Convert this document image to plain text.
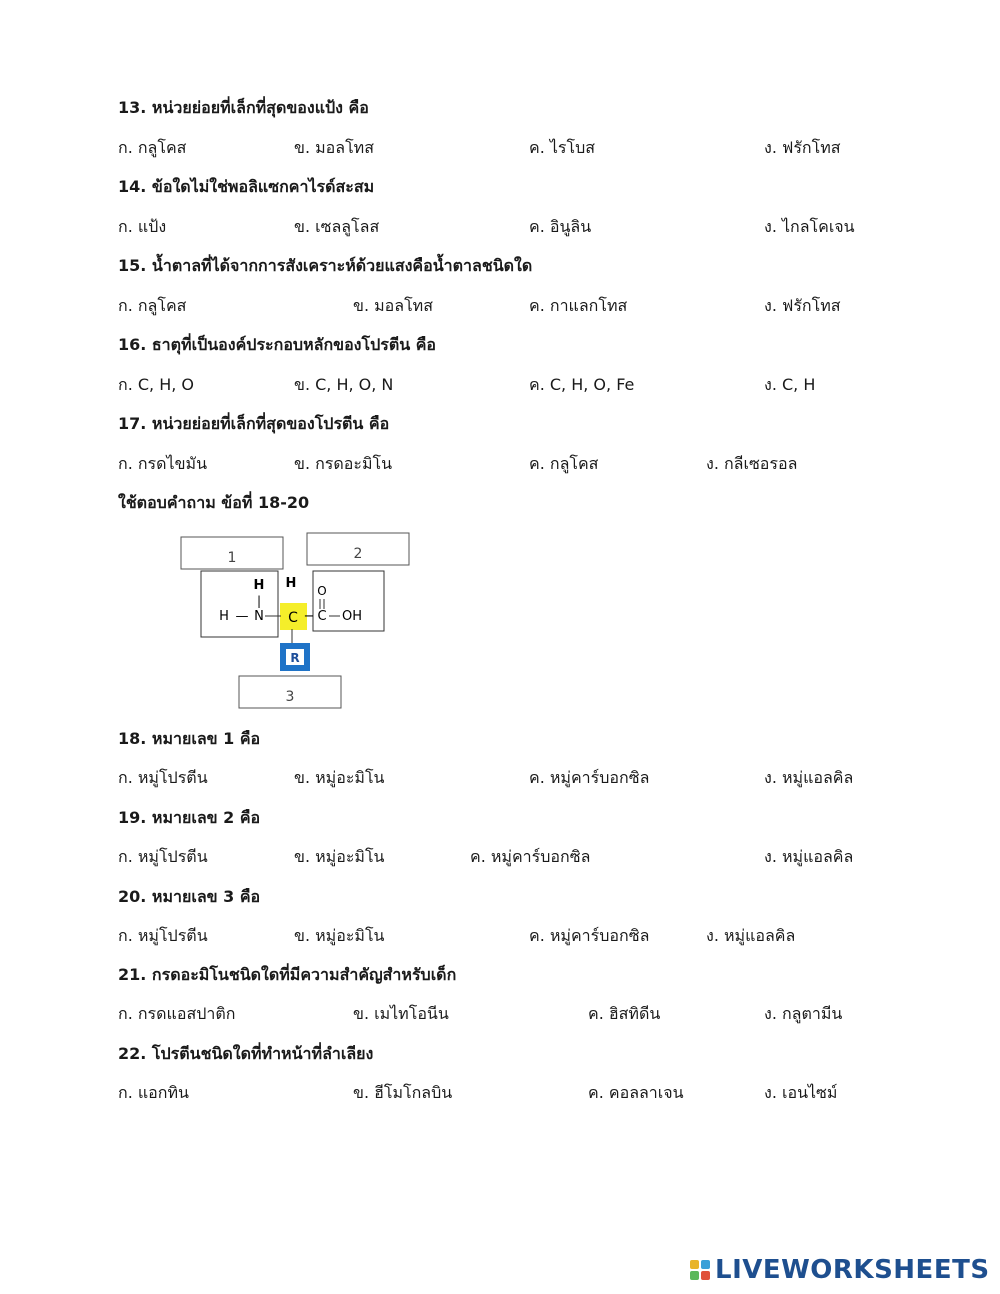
13. หน่วยย่อยที่เล็กที่สุดของแป้ง คือ
ก. กลูโคส	ข. มอลโทส	ค. ไรโบส	ง. ฟรักโทส
14. ข้อใดไม่ใช่พอลิแซกคาไรด์สะสม
ก. แป้ง	ข. เซลลูโลส	ค. อินูลิน	ง. ไกลโคเจน
15. น้ำตาลที่ได้จากการสังเคราะห์ด้วยแสงคือน้ำตาลชนิดใด
ก. กลูโคส	ข. มอลโทส	ค. กาแลกโทส	ง. ฟรักโทส
16. ธาตุที่เป็นองค์ประกอบหลักของโปรตีน คือ
ก. C, H, O	ข. C, H, O, N	ค. C, H, O, Fe	ง. C, H
17. หน่วยย่อยที่เล็กที่สุดของโปรตีน คือ
ก. กรดไขมัน	ข. กรดอะมิโน	ค. กลูโคส	ง. กลีเซอรอล
ใช้ตอบคำถาม ข้อที่ 18-20
1	2
H
|
H — N
H
C
O
− C OH
R
3
18. หมายเลข 1 คือ
ก. หมู่โปรตีน	ข. หมู่อะมิโน	ค. หมู่คาร์บอกซิล	ง. หมู่แอลคิล
19. หมายเลข 2 คือ
ก. หมู่โปรตีน	ข. หมู่อะมิโน	ค. หมู่คาร์บอกซิล	ง. หมู่แอลคิล
20. หมายเลข 3 คือ
ก. หมู่โปรตีน	ข. หมู่อะมิโน	ค. หมู่คาร์บอกซิล	ง. หมู่แอลคิล
21. กรดอะมิโนชนิดใดที่มีความสำคัญสำหรับเด็ก
ก. กรดแอสปาติก	ข. เมไทโอนีน	ค. ฮิสทิดีน	ง. กลูตามีน
22. โปรตีนชนิดใดที่ทำหน้าที่ลำเลียง
ก. แอกทิน	ข. ฮีโมโกลบิน	ค. คอลลาเจน	ง. เอนไซม์
LIVEWORKSHEETS
